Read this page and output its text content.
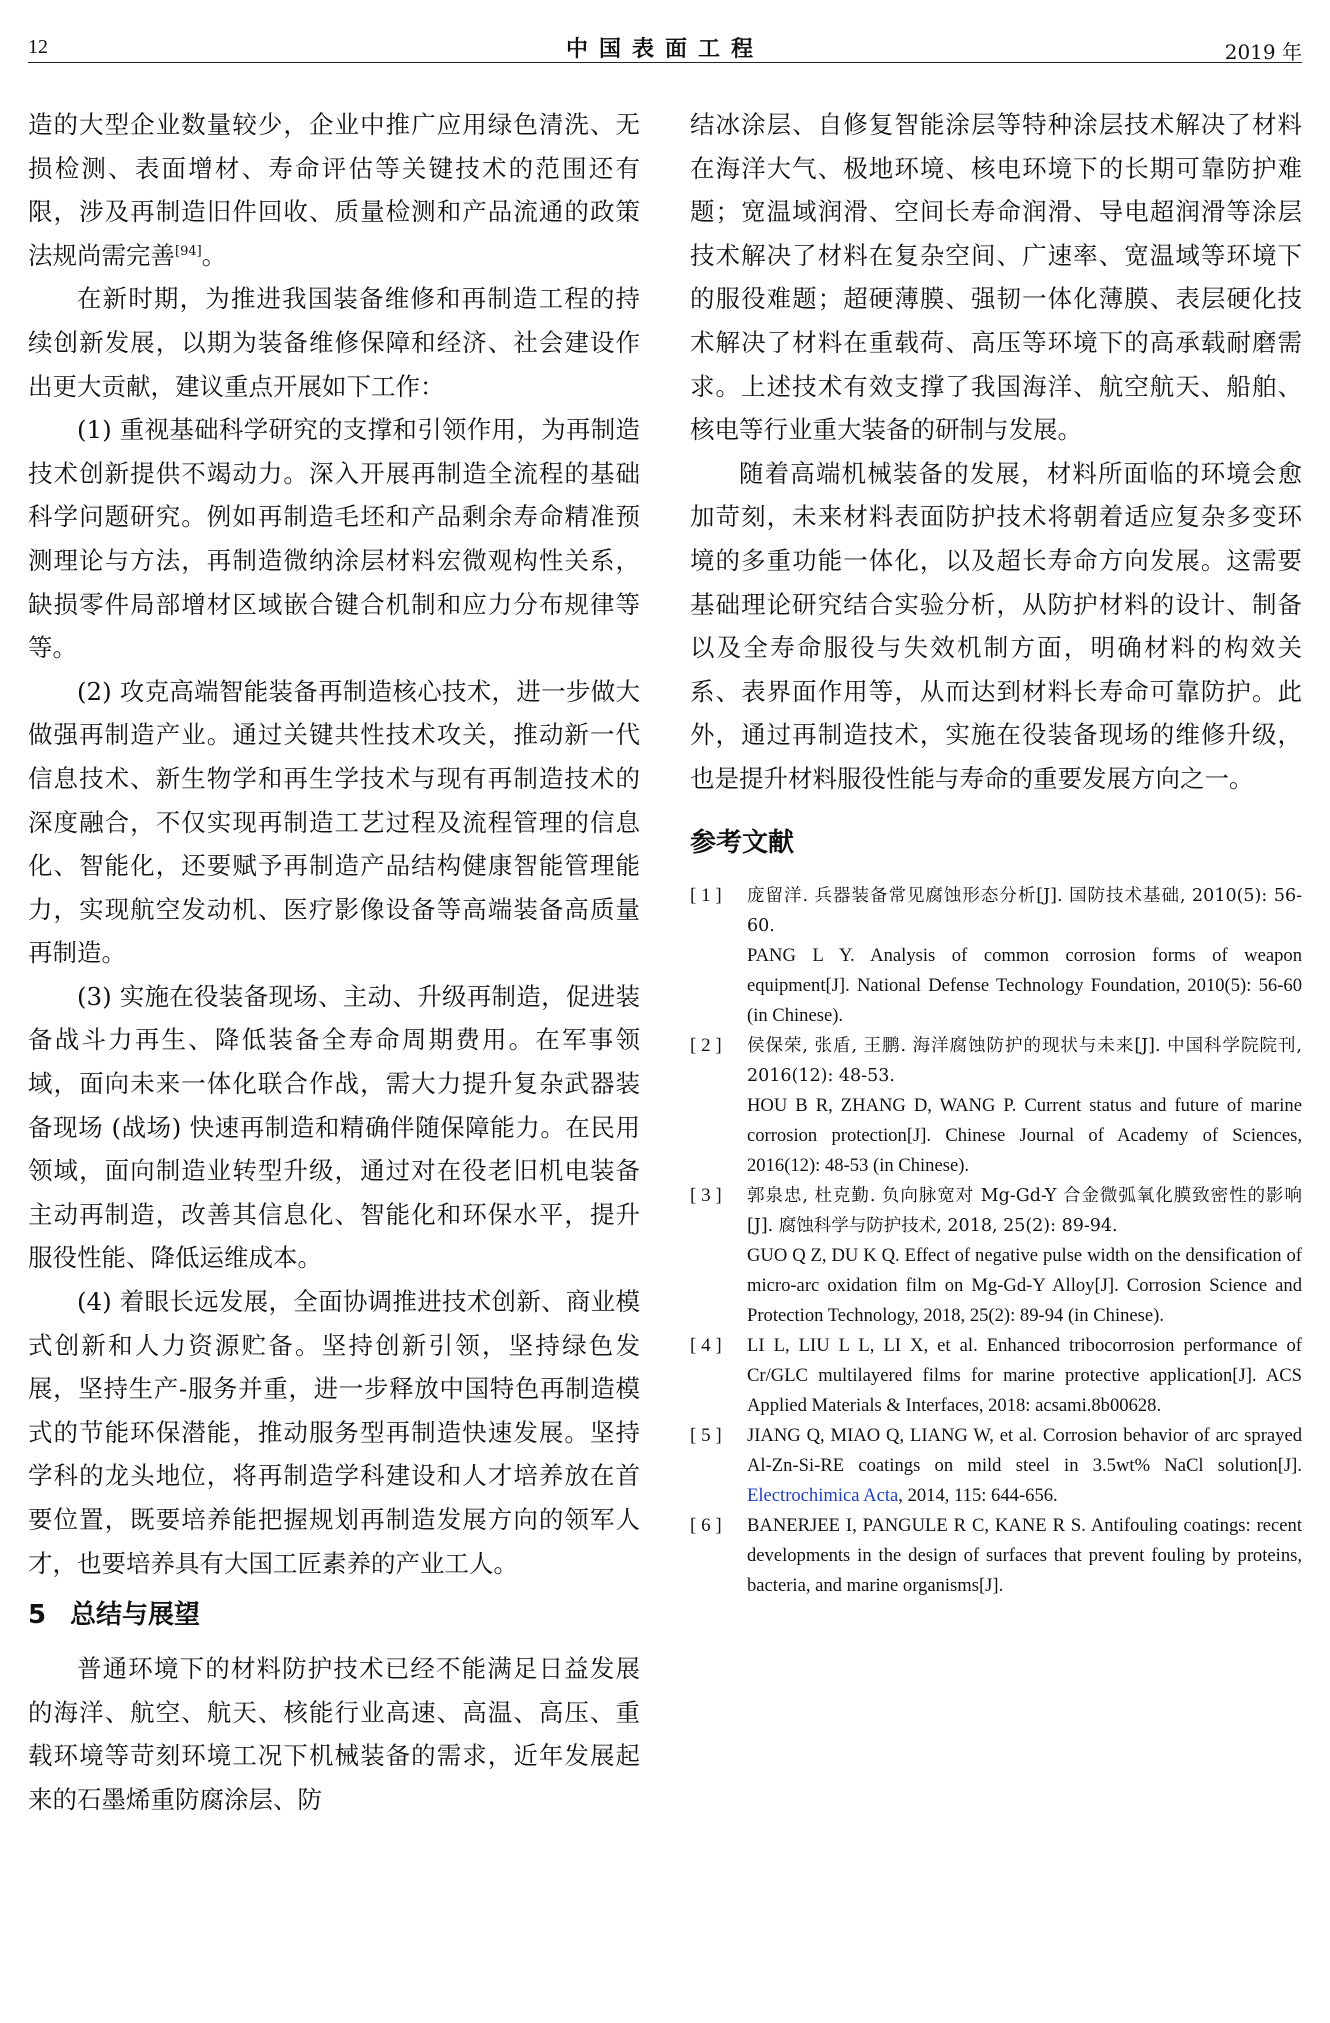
12	中国表面工程	2019 年

造的大型企业数量较少，企业中推广应用绿色清洗、无损检测、表面增材、寿命评估等关键技术的范围还有限，涉及再制造旧件回收、质量检测和产品流通的政策法规尚需完善[94]。

在新时期，为推进我国装备维修和再制造工程的持续创新发展，以期为装备维修保障和经济、社会建设作出更大贡献，建议重点开展如下工作：

(1) 重视基础科学研究的支撑和引领作用，为再制造技术创新提供不竭动力。深入开展再制造全流程的基础科学问题研究。例如再制造毛坯和产品剩余寿命精准预测理论与方法，再制造微纳涂层材料宏微观构性关系，缺损零件局部增材区域嵌合键合机制和应力分布规律等等。

(2) 攻克高端智能装备再制造核心技术，进一步做大做强再制造产业。通过关键共性技术攻关，推动新一代信息技术、新生物学和再生学技术与现有再制造技术的深度融合，不仅实现再制造工艺过程及流程管理的信息化、智能化，还要赋予再制造产品结构健康智能管理能力，实现航空发动机、医疗影像设备等高端装备高质量再制造。

(3) 实施在役装备现场、主动、升级再制造，促进装备战斗力再生、降低装备全寿命周期费用。在军事领域，面向未来一体化联合作战，需大力提升复杂武器装备现场 (战场) 快速再制造和精确伴随保障能力。在民用领域，面向制造业转型升级，通过对在役老旧机电装备主动再制造，改善其信息化、智能化和环保水平，提升服役性能、降低运维成本。

(4) 着眼长远发展，全面协调推进技术创新、商业模式创新和人力资源贮备。坚持创新引领，坚持绿色发展，坚持生产-服务并重，进一步释放中国特色再制造模式的节能环保潜能，推动服务型再制造快速发展。坚持学科的龙头地位，将再制造学科建设和人才培养放在首要位置，既要培养能把握规划再制造发展方向的领军人才，也要培养具有大国工匠素养的产业工人。

5 总结与展望

普通环境下的材料防护技术已经不能满足日益发展的海洋、航空、航天、核能行业高速、高温、高压、重载环境等苛刻环境工况下机械装备的需求，近年发展起来的石墨烯重防腐涂层、防

结冰涂层、自修复智能涂层等特种涂层技术解决了材料在海洋大气、极地环境、核电环境下的长期可靠防护难题；宽温域润滑、空间长寿命润滑、导电超润滑等涂层技术解决了材料在复杂空间、广速率、宽温域等环境下的服役难题；超硬薄膜、强韧一体化薄膜、表层硬化技术解决了材料在重载荷、高压等环境下的高承载耐磨需求。上述技术有效支撑了我国海洋、航空航天、船舶、核电等行业重大装备的研制与发展。

随着高端机械装备的发展，材料所面临的环境会愈加苛刻，未来材料表面防护技术将朝着适应复杂多变环境的多重功能一体化，以及超长寿命方向发展。这需要基础理论研究结合实验分析，从防护材料的设计、制备以及全寿命服役与失效机制方面，明确材料的构效关系、表界面作用等，从而达到材料长寿命可靠防护。此外，通过再制造技术，实施在役装备现场的维修升级，也是提升材料服役性能与寿命的重要发展方向之一。

参考文献
[ 1 ] 庞留洋. 兵器装备常见腐蚀形态分析[J]. 国防技术基础, 2010(5): 56-60.
PANG L Y. Analysis of common corrosion forms of weapon equipment[J]. National Defense Technology Foundation, 2010(5): 56-60 (in Chinese).
[ 2 ] 侯保荣, 张盾, 王鹏. 海洋腐蚀防护的现状与未来[J]. 中国科学院院刊, 2016(12): 48-53.
HOU B R, ZHANG D, WANG P. Current status and future of marine corrosion protection[J]. Chinese Journal of Academy of Sciences, 2016(12): 48-53 (in Chinese).
[ 3 ] 郭泉忠, 杜克勤. 负向脉宽对 Mg-Gd-Y 合金微弧氧化膜致密性的影响[J]. 腐蚀科学与防护技术, 2018, 25(2): 89-94.
GUO Q Z, DU K Q. Effect of negative pulse width on the densification of micro-arc oxidation film on Mg-Gd-Y Alloy[J]. Corrosion Science and Protection Technology, 2018, 25(2): 89-94 (in Chinese).
[ 4 ] LI L, LIU L L, LI X, et al. Enhanced tribocorrosion performance of Cr/GLC multilayered films for marine protective application[J]. ACS Applied Materials & Interfaces, 2018: acsami.8b00628.
[ 5 ] JIANG Q, MIAO Q, LIANG W, et al. Corrosion behavior of arc sprayed Al-Zn-Si-RE coatings on mild steel in 3.5wt% NaCl solution[J]. Electrochimica Acta, 2014, 115: 644-656.
[ 6 ] BANERJEE I, PANGULE R C, KANE R S. Antifouling coatings: recent developments in the design of surfaces that prevent fouling by proteins, bacteria, and marine organisms[J].
